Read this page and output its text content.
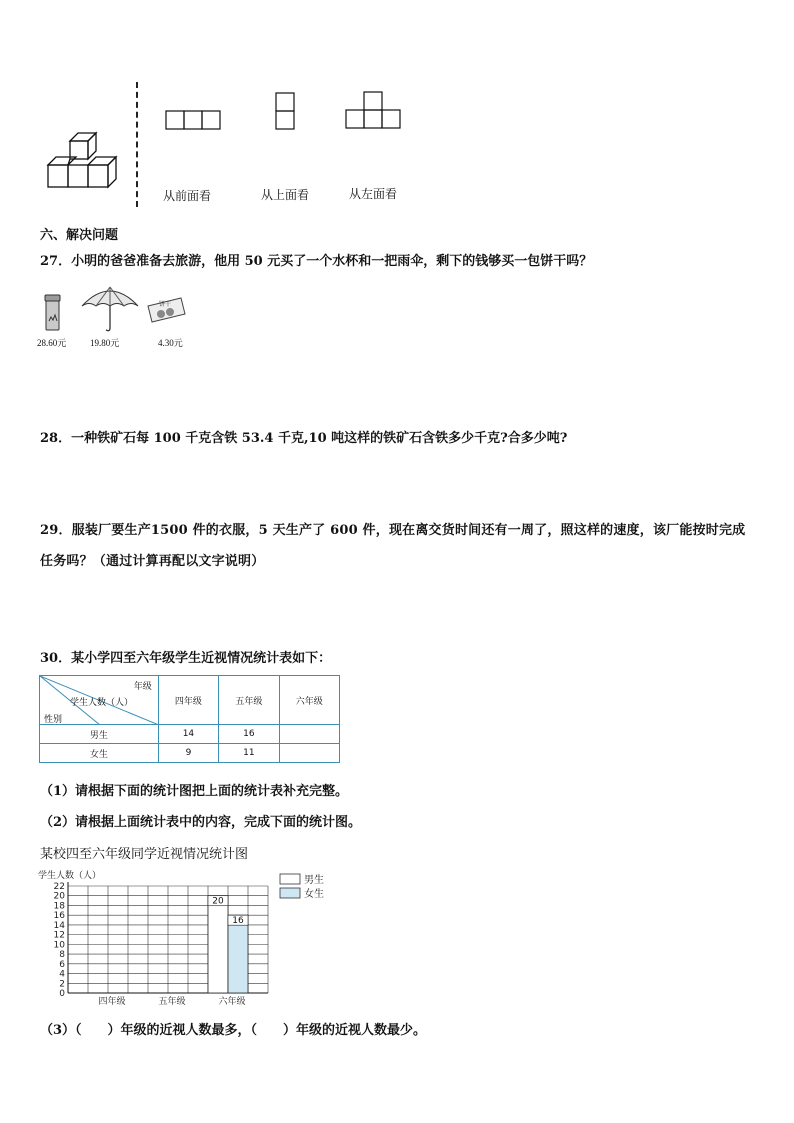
从前面看	从上面看	从左面看
六、解决问题
27．小明的爸爸准备去旅游，他用 50 元买了一个水杯和一把雨伞，剩下的钱够买一包饼干吗？
饼干
28.60元	19.80元	4.30元
28．一种铁矿石每 100 千克含铁 53.4 千克,10 吨这样的铁矿石含铁多少千克?合多少吨?
29．服装厂要生产1500 件的衣服，5 天生产了 600 件，现在离交货时间还有一周了，照这样的速度，该厂能按时完成
任务吗？（通过计算再配以文字说明）
30．某小学四至六年级学生近视情况统计表如下：
年级
学生人数（人）
性别	四年级	五年级	六年级
男生	14	16	
女生	9	11	
（1）请根据下面的统计图把上面的统计表补充完整。
（2）请根据上面统计表中的内容，完成下面的统计图。
某校四至六年级同学近视情况统计图
学生人数（人）
0
2
4
6
8
10
12
14
16
18
20
22
四年级	五年级	六年级
20
16
男生
女生
（3）（　　）年级的近视人数最多，（　　）年级的近视人数最少。
